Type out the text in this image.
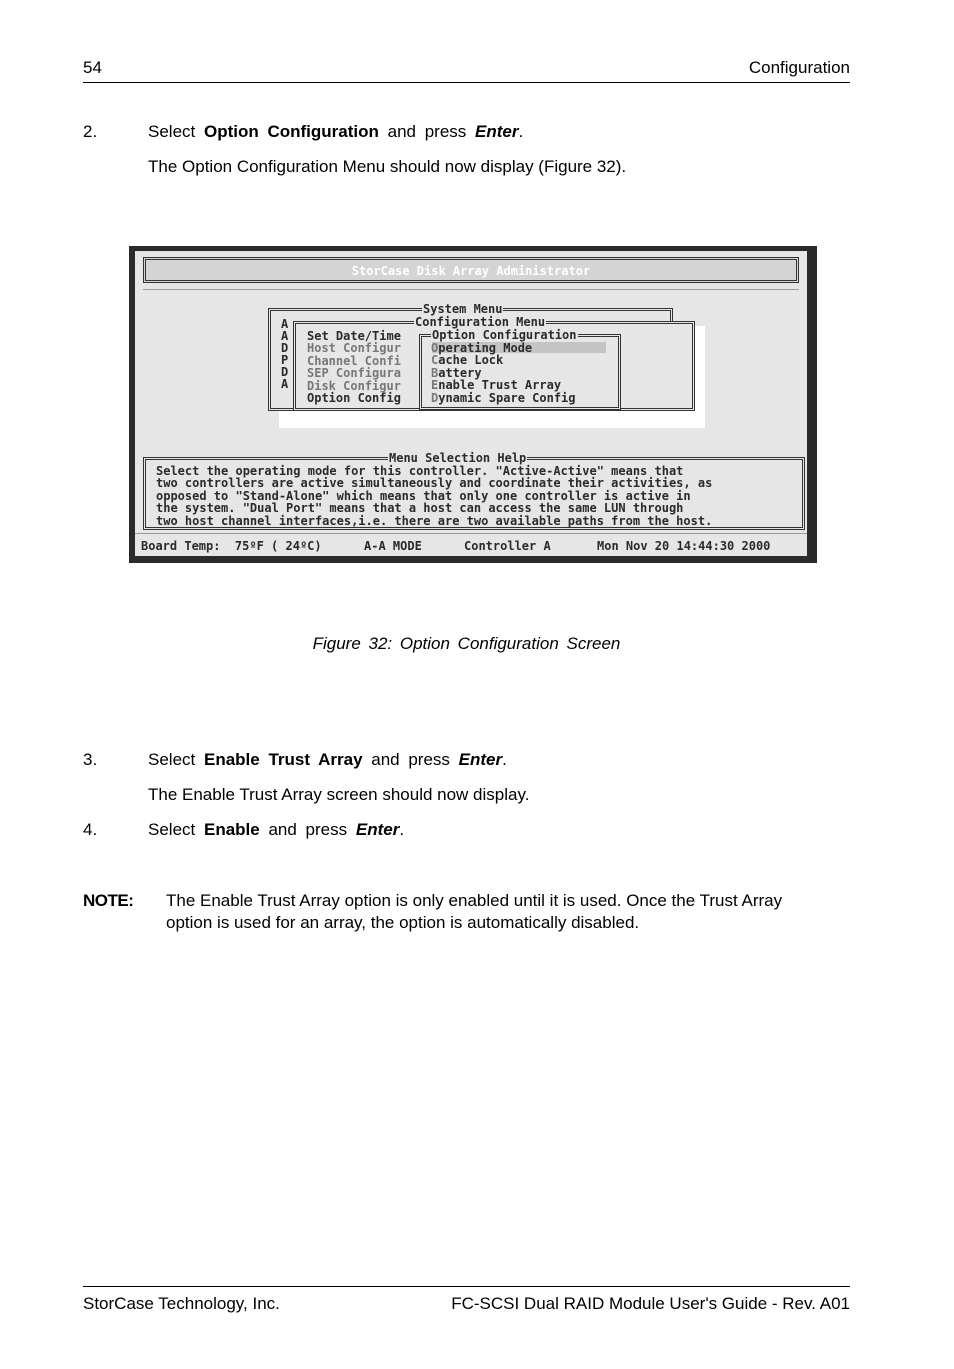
54	Configuration
2.	Select Option Configuration and press Enter.
The Option Configuration Menu should now display (Figure 32).
StorCase Disk Array Administrator
System Menu
A
A
D
P
D
A

Configuration Menu
Set Date/Time
Host Configur
Channel Confi
SEP Configura
Disk Configur
Option Config
Option Configuration
Operating Mode
Cache Lock
Battery
Enable Trust Array
Dynamic Spare Config
Menu Selection Help
Select the operating mode for this controller. "Active-Active" means that
two controllers are active simultaneously and coordinate their activities, as
opposed to "Stand-Alone" which means that only one controller is active in
the system. "Dual Port" means that a host can access the same LUN through
two host channel interfaces,i.e. there are two available paths from the host.
Board Temp:  75ºF ( 24ºC)	A-A MODE	Controller A	Mon Nov 20 14:44:30 2000
Figure 32: Option Configuration Screen
3.	Select Enable Trust Array and press Enter.
The Enable Trust Array screen should now display.
4.	Select Enable and press Enter.
NOTE: The Enable Trust Array option is only enabled until it is used. Once the Trust Array
option is used for an array, the option is automatically disabled.
StorCase Technology, Inc.	FC-SCSI Dual RAID Module User's Guide - Rev. A01
